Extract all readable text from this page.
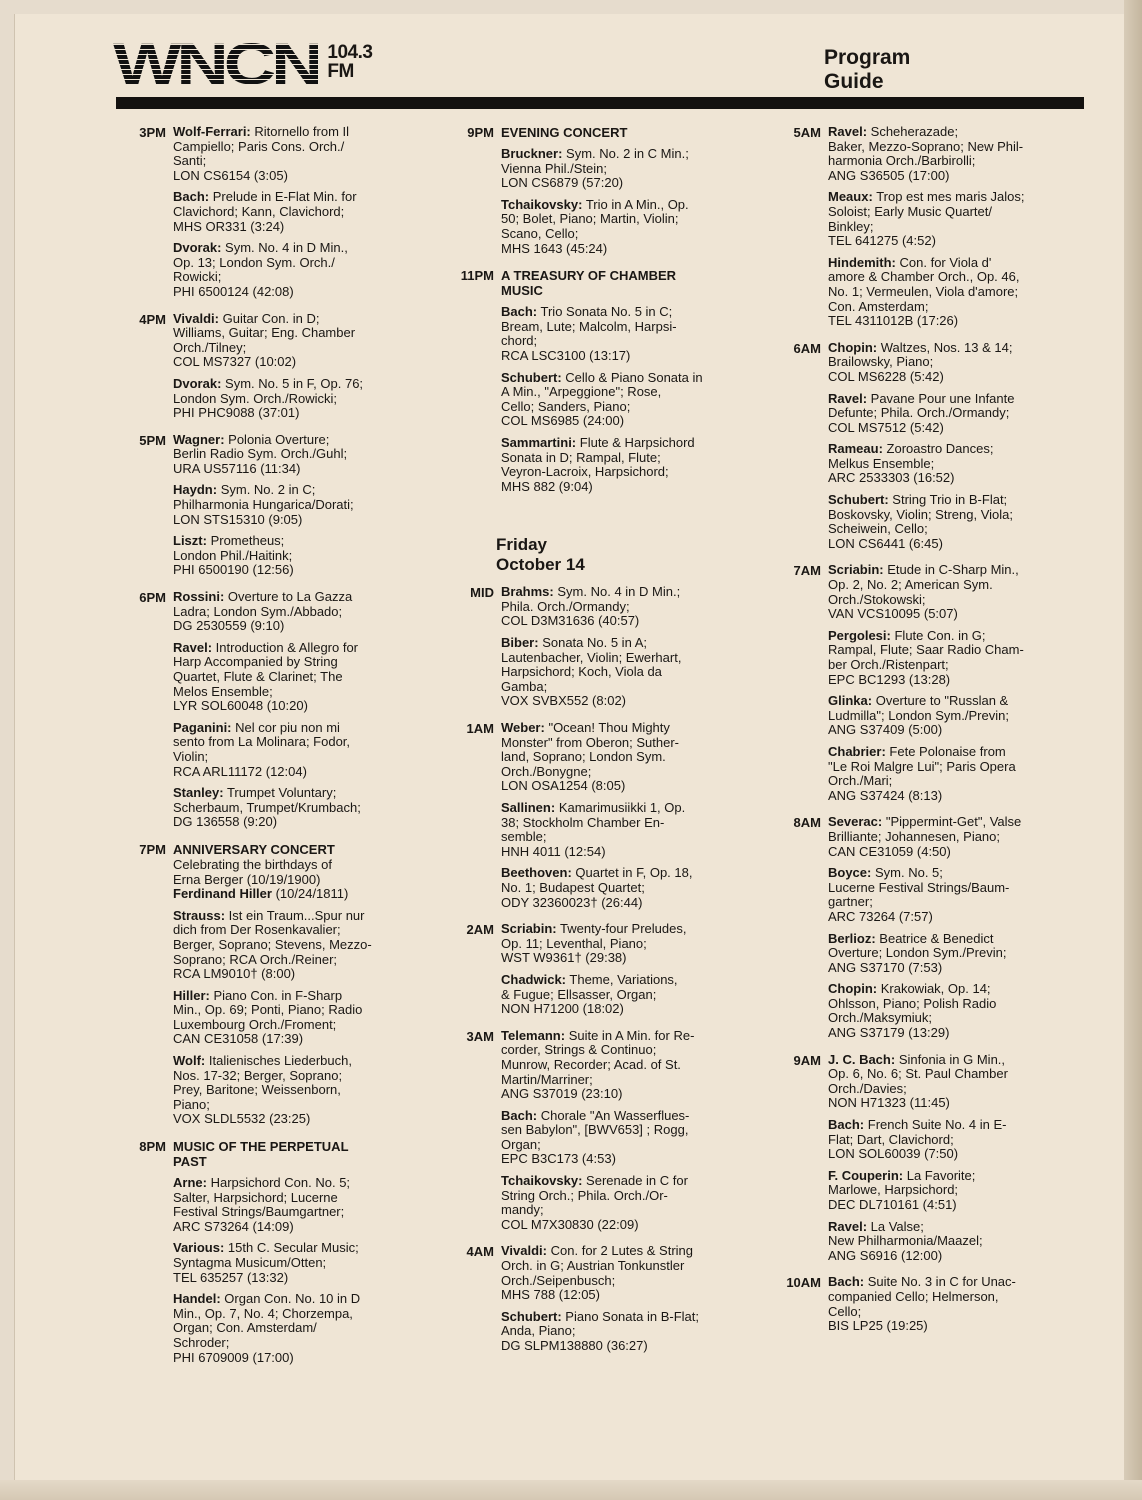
WNCN 104.3
FM
Program
Guide
3PM Wolf-Ferrari: Ritornello from Il
Campiello; Paris Cons. Orch./
Santi;
LON CS6154 (3:05)
Bach: Prelude in E-Flat Min. for
Clavichord; Kann, Clavichord;
MHS OR331 (3:24)
Dvorak: Sym. No. 4 in D Min.,
Op. 13; London Sym. Orch./
Rowicki;
PHI 6500124 (42:08)
4PM Vivaldi: Guitar Con. in D;
Williams, Guitar; Eng. Chamber
Orch./Tilney;
COL MS7327 (10:02)
Dvorak: Sym. No. 5 in F, Op. 76;
London Sym. Orch./Rowicki;
PHI PHC9088 (37:01)
5PM Wagner: Polonia Overture;
Berlin Radio Sym. Orch./Guhl;
URA US57116 (11:34)
Haydn: Sym. No. 2 in C;
Philharmonia Hungarica/Dorati;
LON STS15310 (9:05)
Liszt: Prometheus;
London Phil./Haitink;
PHI 6500190 (12:56)
6PM Rossini: Overture to La Gazza
Ladra; London Sym./Abbado;
DG 2530559 (9:10)
Ravel: Introduction & Allegro for
Harp Accompanied by String
Quartet, Flute & Clarinet; The
Melos Ensemble;
LYR SOL60048 (10:20)
Paganini: Nel cor piu non mi
sento from La Molinara; Fodor,
Violin;
RCA ARL11172 (12:04)
Stanley: Trumpet Voluntary;
Scherbaum, Trumpet/Krumbach;
DG 136558 (9:20)
7PM ANNIVERSARY CONCERT
Celebrating the birthdays of
Erna Berger (10/19/1900)
Ferdinand Hiller (10/24/1811)
Strauss: Ist ein Traum...Spur nur
dich from Der Rosenkavalier;
Berger, Soprano; Stevens, Mezzo-
Soprano; RCA Orch./Reiner;
RCA LM9010† (8:00)
Hiller: Piano Con. in F-Sharp
Min., Op. 69; Ponti, Piano; Radio
Luxembourg Orch./Froment;
CAN CE31058 (17:39)
Wolf: Italienisches Liederbuch,
Nos. 17-32; Berger, Soprano;
Prey, Baritone; Weissenborn,
Piano;
VOX SLDL5532 (23:25)
8PM MUSIC OF THE PERPETUAL
PAST
Arne: Harpsichord Con. No. 5;
Salter, Harpsichord; Lucerne
Festival Strings/Baumgartner;
ARC S73264 (14:09)
Various: 15th C. Secular Music;
Syntagma Musicum/Otten;
TEL 635257 (13:32)
Handel: Organ Con. No. 10 in D
Min., Op. 7, No. 4; Chorzempa,
Organ; Con. Amsterdam/
Schroder;
PHI 6709009 (17:00)
9PM EVENING CONCERT
Bruckner: Sym. No. 2 in C Min.;
Vienna Phil./Stein;
LON CS6879 (57:20)
Tchaikovsky: Trio in A Min., Op.
50; Bolet, Piano; Martin, Violin;
Scano, Cello;
MHS 1643 (45:24)
11PM A TREASURY OF CHAMBER
MUSIC
Bach: Trio Sonata No. 5 in C;
Bream, Lute; Malcolm, Harpsi-
chord;
RCA LSC3100 (13:17)
Schubert: Cello & Piano Sonata in
A Min., "Arpeggione"; Rose,
Cello; Sanders, Piano;
COL MS6985 (24:00)
Sammartini: Flute & Harpsichord
Sonata in D; Rampal, Flute;
Veyron-Lacroix, Harpsichord;
MHS 882 (9:04)
Friday
October 14
MID Brahms: Sym. No. 4 in D Min.;
Phila. Orch./Ormandy;
COL D3M31636 (40:57)
Biber: Sonata No. 5 in A;
Lautenbacher, Violin; Ewerhart,
Harpsichord; Koch, Viola da
Gamba;
VOX SVBX552 (8:02)
1AM Weber: "Ocean! Thou Mighty
Monster" from Oberon; Suther-
land, Soprano; London Sym.
Orch./Bonygne;
LON OSA1254 (8:05)
Sallinen: Kamarimusiikki 1, Op.
38; Stockholm Chamber En-
semble;
HNH 4011 (12:54)
Beethoven: Quartet in F, Op. 18,
No. 1; Budapest Quartet;
ODY 32360023† (26:44)
2AM Scriabin: Twenty-four Preludes,
Op. 11; Leventhal, Piano;
WST W9361† (29:38)
Chadwick: Theme, Variations,
& Fugue; Ellsasser, Organ;
NON H71200 (18:02)
3AM Telemann: Suite in A Min. for Re-
corder, Strings & Continuo;
Munrow, Recorder; Acad. of St.
Martin/Marriner;
ANG S37019 (23:10)
Bach: Chorale "An Wasserflues-
sen Babylon", [BWV653] ; Rogg,
Organ;
EPC B3C173 (4:53)
Tchaikovsky: Serenade in C for
String Orch.; Phila. Orch./Or-
mandy;
COL M7X30830 (22:09)
4AM Vivaldi: Con. for 2 Lutes & String
Orch. in G; Austrian Tonkunstler
Orch./Seipenbusch;
MHS 788 (12:05)
Schubert: Piano Sonata in B-Flat;
Anda, Piano;
DG SLPM138880 (36:27)
5AM Ravel: Scheherazade;
Baker, Mezzo-Soprano; New Phil-
harmonia Orch./Barbirolli;
ANG S36505 (17:00)
Meaux: Trop est mes maris Jalos;
Soloist; Early Music Quartet/
Binkley;
TEL 641275 (4:52)
Hindemith: Con. for Viola d'
amore & Chamber Orch., Op. 46,
No. 1; Vermeulen, Viola d'amore;
Con. Amsterdam;
TEL 4311012B (17:26)
6AM Chopin: Waltzes, Nos. 13 & 14;
Brailowsky, Piano;
COL MS6228 (5:42)
Ravel: Pavane Pour une Infante
Defunte; Phila. Orch./Ormandy;
COL MS7512 (5:42)
Rameau: Zoroastro Dances;
Melkus Ensemble;
ARC 2533303 (16:52)
Schubert: String Trio in B-Flat;
Boskovsky, Violin; Streng, Viola;
Scheiwein, Cello;
LON CS6441 (6:45)
7AM Scriabin: Etude in C-Sharp Min.,
Op. 2, No. 2; American Sym.
Orch./Stokowski;
VAN VCS10095 (5:07)
Pergolesi: Flute Con. in G;
Rampal, Flute; Saar Radio Cham-
ber Orch./Ristenpart;
EPC BC1293 (13:28)
Glinka: Overture to "Russlan &
Ludmilla"; London Sym./Previn;
ANG S37409 (5:00)
Chabrier: Fete Polonaise from
"Le Roi Malgre Lui"; Paris Opera
Orch./Mari;
ANG S37424 (8:13)
8AM Severac: "Pippermint-Get", Valse
Brilliante; Johannesen, Piano;
CAN CE31059 (4:50)
Boyce: Sym. No. 5;
Lucerne Festival Strings/Baum-
gartner;
ARC 73264 (7:57)
Berlioz: Beatrice & Benedict
Overture; London Sym./Previn;
ANG S37170 (7:53)
Chopin: Krakowiak, Op. 14;
Ohlsson, Piano; Polish Radio
Orch./Maksymiuk;
ANG S37179 (13:29)
9AM J. C. Bach: Sinfonia in G Min.,
Op. 6, No. 6; St. Paul Chamber
Orch./Davies;
NON H71323 (11:45)
Bach: French Suite No. 4 in E-
Flat; Dart, Clavichord;
LON SOL60039 (7:50)
F. Couperin: La Favorite;
Marlowe, Harpsichord;
DEC DL710161 (4:51)
Ravel: La Valse;
New Philharmonia/Maazel;
ANG S6916 (12:00)
10AM Bach: Suite No. 3 in C for Unac-
companied Cello; Helmerson,
Cello;
BIS LP25 (19:25)
